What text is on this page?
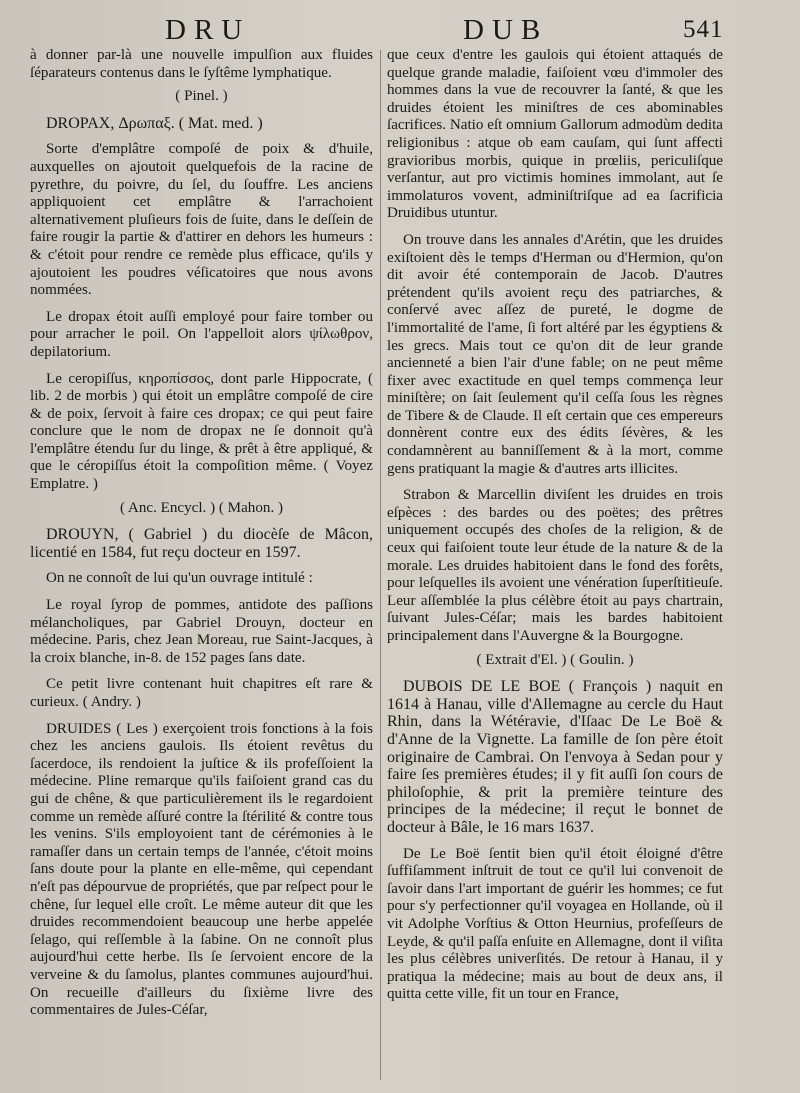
DRU	DUB	541

à donner par-là une nouvelle impulſion aux fluides ſéparateurs contenus dans le ſyſtême lymphatique.

( Pinel. )

DROPAX, Δρωπαξ. ( Mat. med. )

Sorte d'emplâtre compoſé de poix & d'huile, auxquelles on ajoutoit quelquefois de la racine de pyrethre, du poivre, du ſel, du ſouffre. Les anciens appliquoient cet emplâtre & l'arrachoient alternativement pluſieurs fois de ſuite, dans le deſſein de faire rougir la partie & d'attirer en dehors les humeurs : & c'étoit pour rendre ce remède plus efficace, qu'ils y ajoutoient les poudres véſicatoires que nous avons nommées.

Le dropax étoit auſſi employé pour faire tomber ou pour arracher le poil. On l'appelloit alors ψίλωθρον, depilatorium.

Le ceropiſſus, κηροπίσσος, dont parle Hippocrate, ( lib. 2 de morbis ) qui étoit un emplâtre compoſé de cire & de poix, ſervoit à faire ces dropax; ce qui peut faire conclure que le nom de dropax ne ſe donnoit qu'à l'emplâtre étendu ſur du linge, & prêt à être appliqué, & que le céropiſſus étoit la compoſition même. ( Voyez Emplatre. )

( Anc. Encycl. ) ( Mahon. )

DROUYN, ( Gabriel ) du diocèſe de Mâcon, licentié en 1584, fut reçu docteur en 1597.

On ne connoît de lui qu'un ouvrage intitulé :

Le royal ſyrop de pommes, antidote des paſſions mélancholiques, par Gabriel Drouyn, docteur en médecine. Paris, chez Jean Moreau, rue Saint-Jacques, à la croix blanche, in-8. de 152 pages ſans date.

Ce petit livre contenant huit chapitres eſt rare & curieux. ( Andry. )

DRUIDES ( Les ) exerçoient trois fonctions à la fois chez les anciens gaulois. Ils étoient revêtus du ſacerdoce, ils rendoient la juſtice & ils profeſſoient la médecine. Pline remarque qu'ils faiſoient grand cas du gui de chêne, & que particulièrement ils le regardoient comme un remède aſſuré contre la ſtérilité & contre tous les venins. S'ils employoient tant de cérémonies à le ramaſſer dans un certain temps de l'année, c'étoit moins ſans doute pour la plante en elle-même, qui cependant n'eſt pas dépourvue de propriétés, que par reſpect pour le chêne, ſur lequel elle croît. Le même auteur dit que les druides recommendoient beaucoup une herbe appelée ſelago, qui reſſemble à la ſabine. On ne connoît plus aujourd'hui cette herbe. Ils ſe ſervoient encore de la verveine & du ſamolus, plantes communes aujourd'hui. On recueille d'ailleurs du ſixième livre des commentaires de Jules-Céſar,

que ceux d'entre les gaulois qui étoient attaqués de quelque grande maladie, faiſoient vœu d'immoler des hommes dans la vue de recouvrer la ſanté, & que les druides étoient les miniſtres de ces abominables ſacrifices. Natio eſt omnium Gallorum admodùm dedita religionibus : atque ob eam cauſam, qui ſunt affecti gravioribus morbis, quique in prœliis, periculiſque verſantur, aut pro victimis homines immolant, aut ſe immolaturos vovent, adminiſtriſque ad ea ſacrificia Druidibus utuntur.

On trouve dans les annales d'Arétin, que les druides exiſtoient dès le temps d'Herman ou d'Hermion, qu'on dit avoir été contemporain de Jacob. D'autres prétendent qu'ils avoient reçu des patriarches, & conſervé avec aſſez de pureté, le dogme de l'immortalité de l'ame, ſi fort altéré par les égyptiens & les grecs. Mais tout ce qu'on dit de leur grande ancienneté a bien l'air d'une fable; on ne peut même fixer avec exactitude en quel temps commença leur miniſtère; on ſait ſeulement qu'il ceſſa ſous les règnes de Tibere & de Claude. Il eſt certain que ces empereurs donnèrent contre eux des édits ſévères, & les condamnèrent au banniſſement & à la mort, comme gens pratiquant la magie & d'autres arts illicites.

Strabon & Marcellin diviſent les druides en trois eſpèces : des bardes ou des poëtes; des prêtres uniquement occupés des choſes de la religion, & de ceux qui faiſoient toute leur étude de la nature & de la morale. Les druides habitoient dans le fond des forêts, pour leſquelles ils avoient une vénération ſuperſtitieuſe. Leur aſſemblée la plus célèbre étoit au pays chartrain, ſuivant Jules-Céſar; mais les bardes habitoient principalement dans l'Auvergne & la Bourgogne.

( Extrait d'El. ) ( Goulin. )

DUBOIS DE LE BOE ( François ) naquit en 1614 à Hanau, ville d'Allemagne au cercle du Haut Rhin, dans la Wétéravie, d'Iſaac De Le Boë & d'Anne de la Vignette. La famille de ſon père étoit originaire de Cambrai. On l'envoya à Sedan pour y faire ſes premières études; il y fit auſſi ſon cours de philoſophie, & prit la première teinture des principes de la médecine; il reçut le bonnet de docteur à Bâle, le 16 mars 1637.

De Le Boë ſentit bien qu'il étoit éloigné d'être ſuffiſamment inſtruit de tout ce qu'il lui convenoit de ſavoir dans l'art important de guérir les hommes; ce fut pour s'y perfectionner qu'il voyagea en Hollande, où il vit Adolphe Vorſtius & Otton Heurnius, profeſſeurs de Leyde, & qu'il paſſa enſuite en Allemagne, dont il viſita les plus célèbres univerſités. De retour à Hanau, il y pratiqua la médecine; mais au bout de deux ans, il quitta cette ville, fit un tour en France,
